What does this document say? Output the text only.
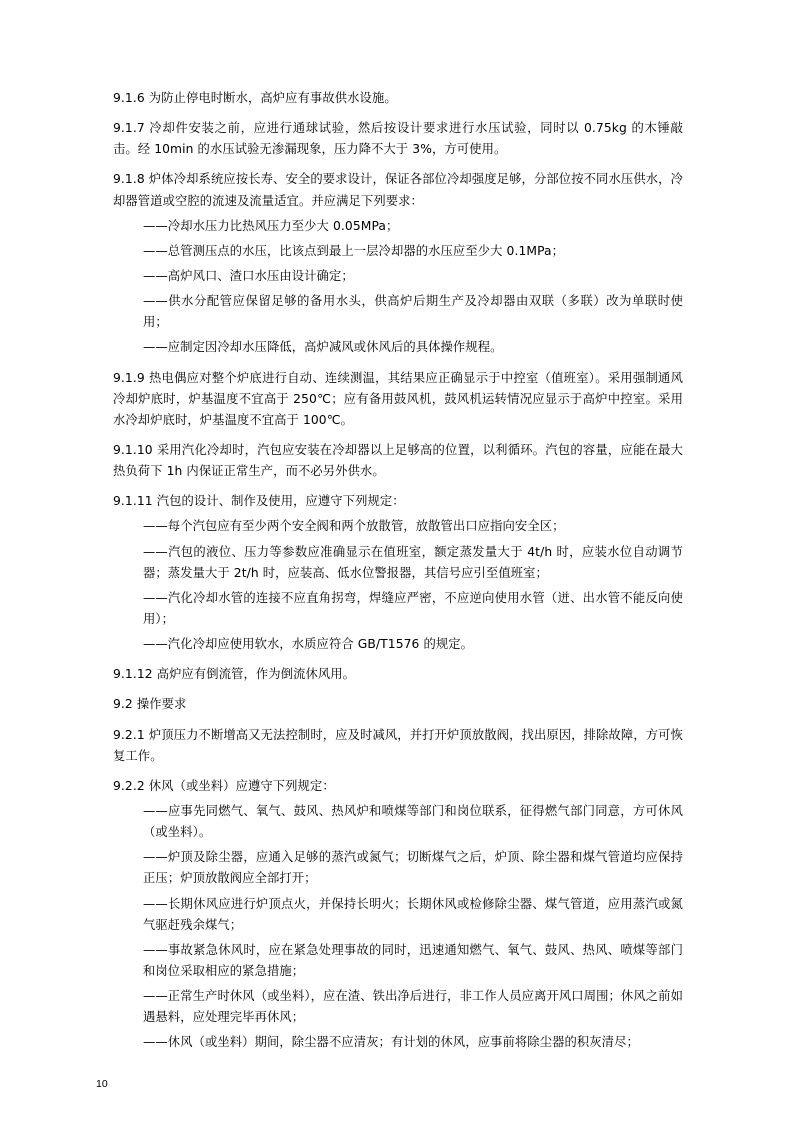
9.1.6 为防止停电时断水，高炉应有事故供水设施。

9.1.7 冷却件安装之前，应进行通球试验，然后按设计要求进行水压试验，同时以 0.75kg 的木锤敲击。经 10min 的水压试验无渗漏现象，压力降不大于 3%，方可使用。

9.1.8 炉体冷却系统应按长寿、安全的要求设计，保证各部位冷却强度足够，分部位按不同水压供水，冷却器管道或空腔的流速及流量适宜。并应满足下列要求：

——冷却水压力比热风压力至少大 0.05MPa；

——总管测压点的水压，比该点到最上一层冷却器的水压应至少大 0.1MPa；

——高炉风口、渣口水压由设计确定；

——供水分配管应保留足够的备用水头，供高炉后期生产及冷却器由双联（多联）改为单联时使用；

——应制定因冷却水压降低，高炉减风或休风后的具体操作规程。

9.1.9 热电偶应对整个炉底进行自动、连续测温，其结果应正确显示于中控室（值班室）。采用强制通风冷却炉底时，炉基温度不宜高于 250℃；应有备用鼓风机，鼓风机运转情况应显示于高炉中控室。采用水冷却炉底时，炉基温度不宜高于 100℃。

9.1.10 采用汽化冷却时，汽包应安装在冷却器以上足够高的位置，以利循环。汽包的容量，应能在最大热负荷下 1h 内保证正常生产，而不必另外供水。

9.1.11 汽包的设计、制作及使用，应遵守下列规定：

——每个汽包应有至少两个安全阀和两个放散管，放散管出口应指向安全区；

——汽包的液位、压力等参数应准确显示在值班室，额定蒸发量大于 4t/h 时，应装水位自动调节器；蒸发量大于 2t/h 时，应装高、低水位警报器，其信号应引至值班室；

——汽化冷却水管的连接不应直角拐弯，焊缝应严密，不应逆向使用水管（迸、出水管不能反向使用）；

——汽化冷却应使用软水，水质应符合 GB/T1576 的规定。

9.1.12 高炉应有倒流管，作为倒流休风用。

9.2 操作要求

9.2.1 炉顶压力不断增高又无法控制时，应及时减风，并打开炉顶放散阀，找出原因，排除故障，方可恢复工作。

9.2.2 休风（或坐料）应遵守下列规定：

——应事先同燃气、氧气、鼓风、热风炉和喷煤等部门和岗位联系，征得燃气部门同意，方可休风（或坐料）。

——炉顶及除尘器，应通入足够的蒸汽或氮气；切断煤气之后，炉顶、除尘器和煤气管道均应保持正压；炉顶放散阀应全部打开；

——长期休风应进行炉顶点火，并保持长明火；长期休风或检修除尘器、煤气管道，应用蒸汽或氮气驱赶残余煤气；

——事故紧急休风时，应在紧急处理事故的同时，迅速通知燃气、氧气、鼓风、热风、喷煤等部门和岗位采取相应的紧急措施；

——正常生产时休风（或坐料），应在渣、铁出净后进行，非工作人员应离开风口周围；休风之前如遇悬料，应处理完毕再休风；

——休风（或坐料）期间，除尘器不应清灰；有计划的休风，应事前将除尘器的积灰清尽；

10
